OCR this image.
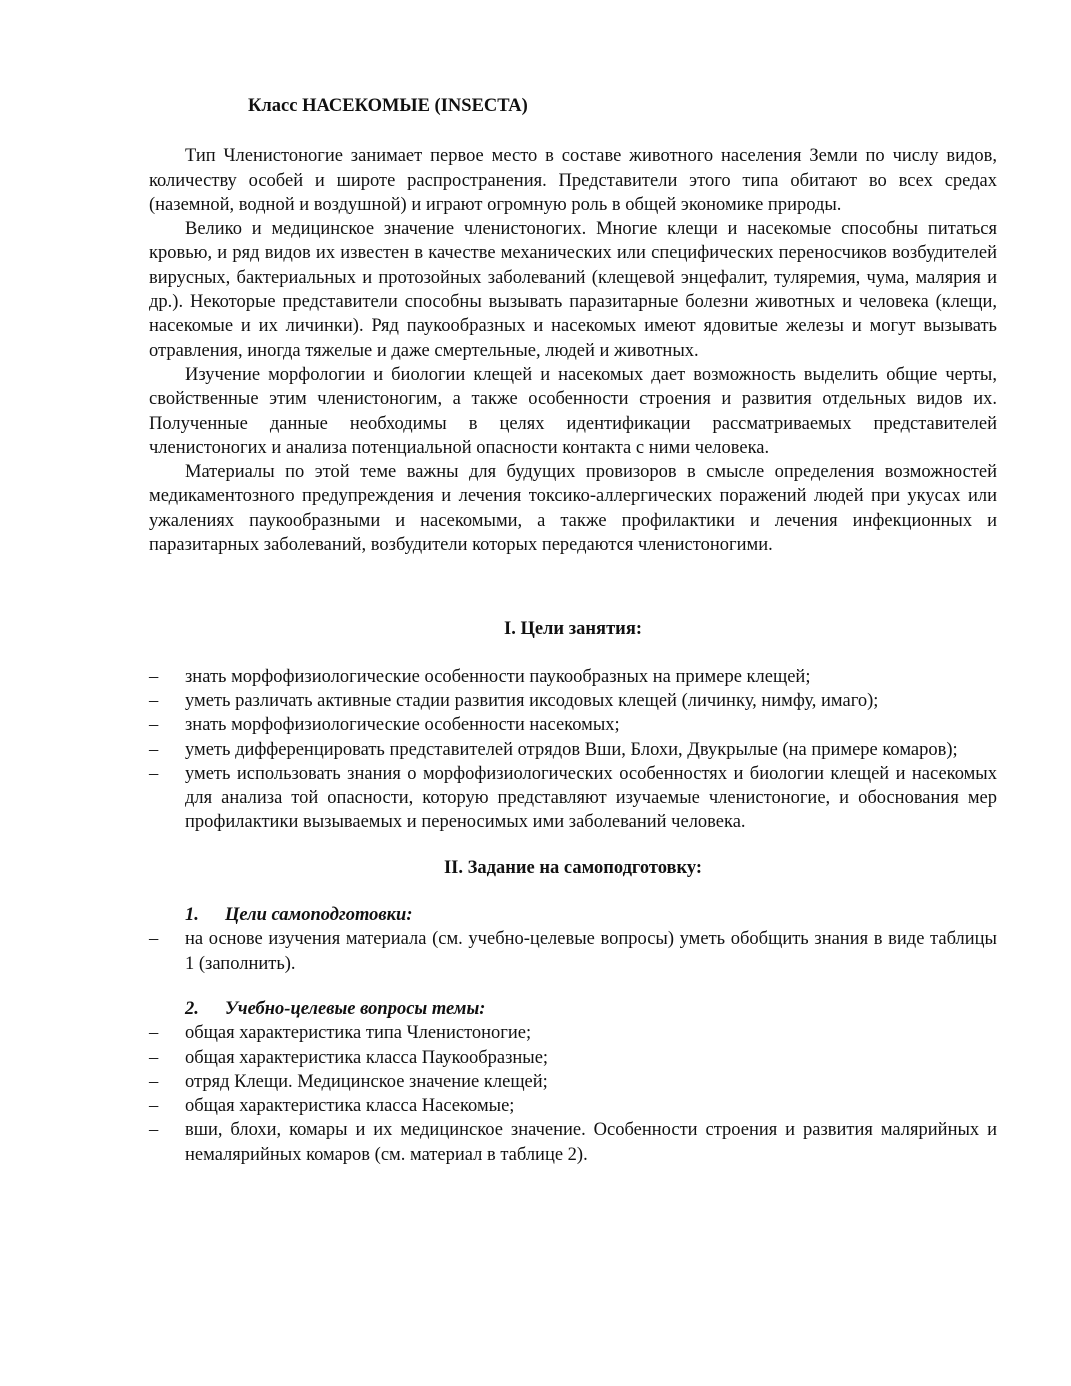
Класс НАСЕКОМЫЕ (INSECTA)

Тип Членистоногие занимает первое место в составе животного населения Земли по числу видов, количеству особей и широте распространения. Представители этого типа обитают во всех средах (наземной, водной и воздушной) и играют огромную роль в общей экономике природы.

Велико и медицинское значение членистоногих. Многие клещи и насекомые способны питаться кровью, и ряд видов их известен в качестве механических или специфических переносчиков возбудителей вирусных, бактериальных и протозойных заболеваний (клещевой энцефалит, туляремия, чума, малярия и др.). Некоторые представители способны вызывать паразитарные болезни животных и человека (клещи, насекомые и их личинки). Ряд паукообразных и насекомых имеют ядовитые железы и могут вызывать отравления, иногда тяжелые и даже смертельные, людей и животных.

Изучение морфологии и биологии клещей и насекомых дает возможность выделить общие черты, свойственные этим членистоногим, а также особенности строения и развития отдельных видов их. Полученные данные необходимы в целях идентификации рассматриваемых представителей членистоногих и анализа потенциальной опасности контакта с ними человека.

Материалы по этой теме важны для будущих провизоров в смысле определения возможностей медикаментозного предупреждения и лечения токсико-аллергических поражений людей при укусах или ужалениях паукообразными и насекомыми, а также профилактики и лечения инфекционных и паразитарных заболеваний, возбудители которых передаются членистоногими.

I. Цели занятия:
– знать морфофизиологические особенности паукообразных на примере клещей;
– уметь различать активные стадии развития иксодовых клещей (личинку, нимфу, имаго);
– знать морфофизиологические особенности насекомых;
– уметь дифференцировать представителей отрядов Вши, Блохи, Двукрылые (на примере комаров);
– уметь использовать знания о морфофизиологических особенностях и биологии клещей и насекомых для анализа той опасности, которую представляют изучаемые членистоногие, и обоснования мер профилактики вызываемых и переносимых ими заболеваний человека.
II. Задание на самоподготовку:
1. Цели самоподготовки:
– на основе изучения материала (см. учебно-целевые вопросы) уметь обобщить знания в виде таблицы 1 (заполнить).
2. Учебно-целевые вопросы темы:
– общая характеристика типа Членистоногие;
– общая характеристика класса Паукообразные;
– отряд Клещи. Медицинское значение клещей;
– общая характеристика класса Насекомые;
– вши, блохи, комары и их медицинское значение. Особенности строения и развития малярийных и немалярийных комаров (см. материал в таблице 2).
